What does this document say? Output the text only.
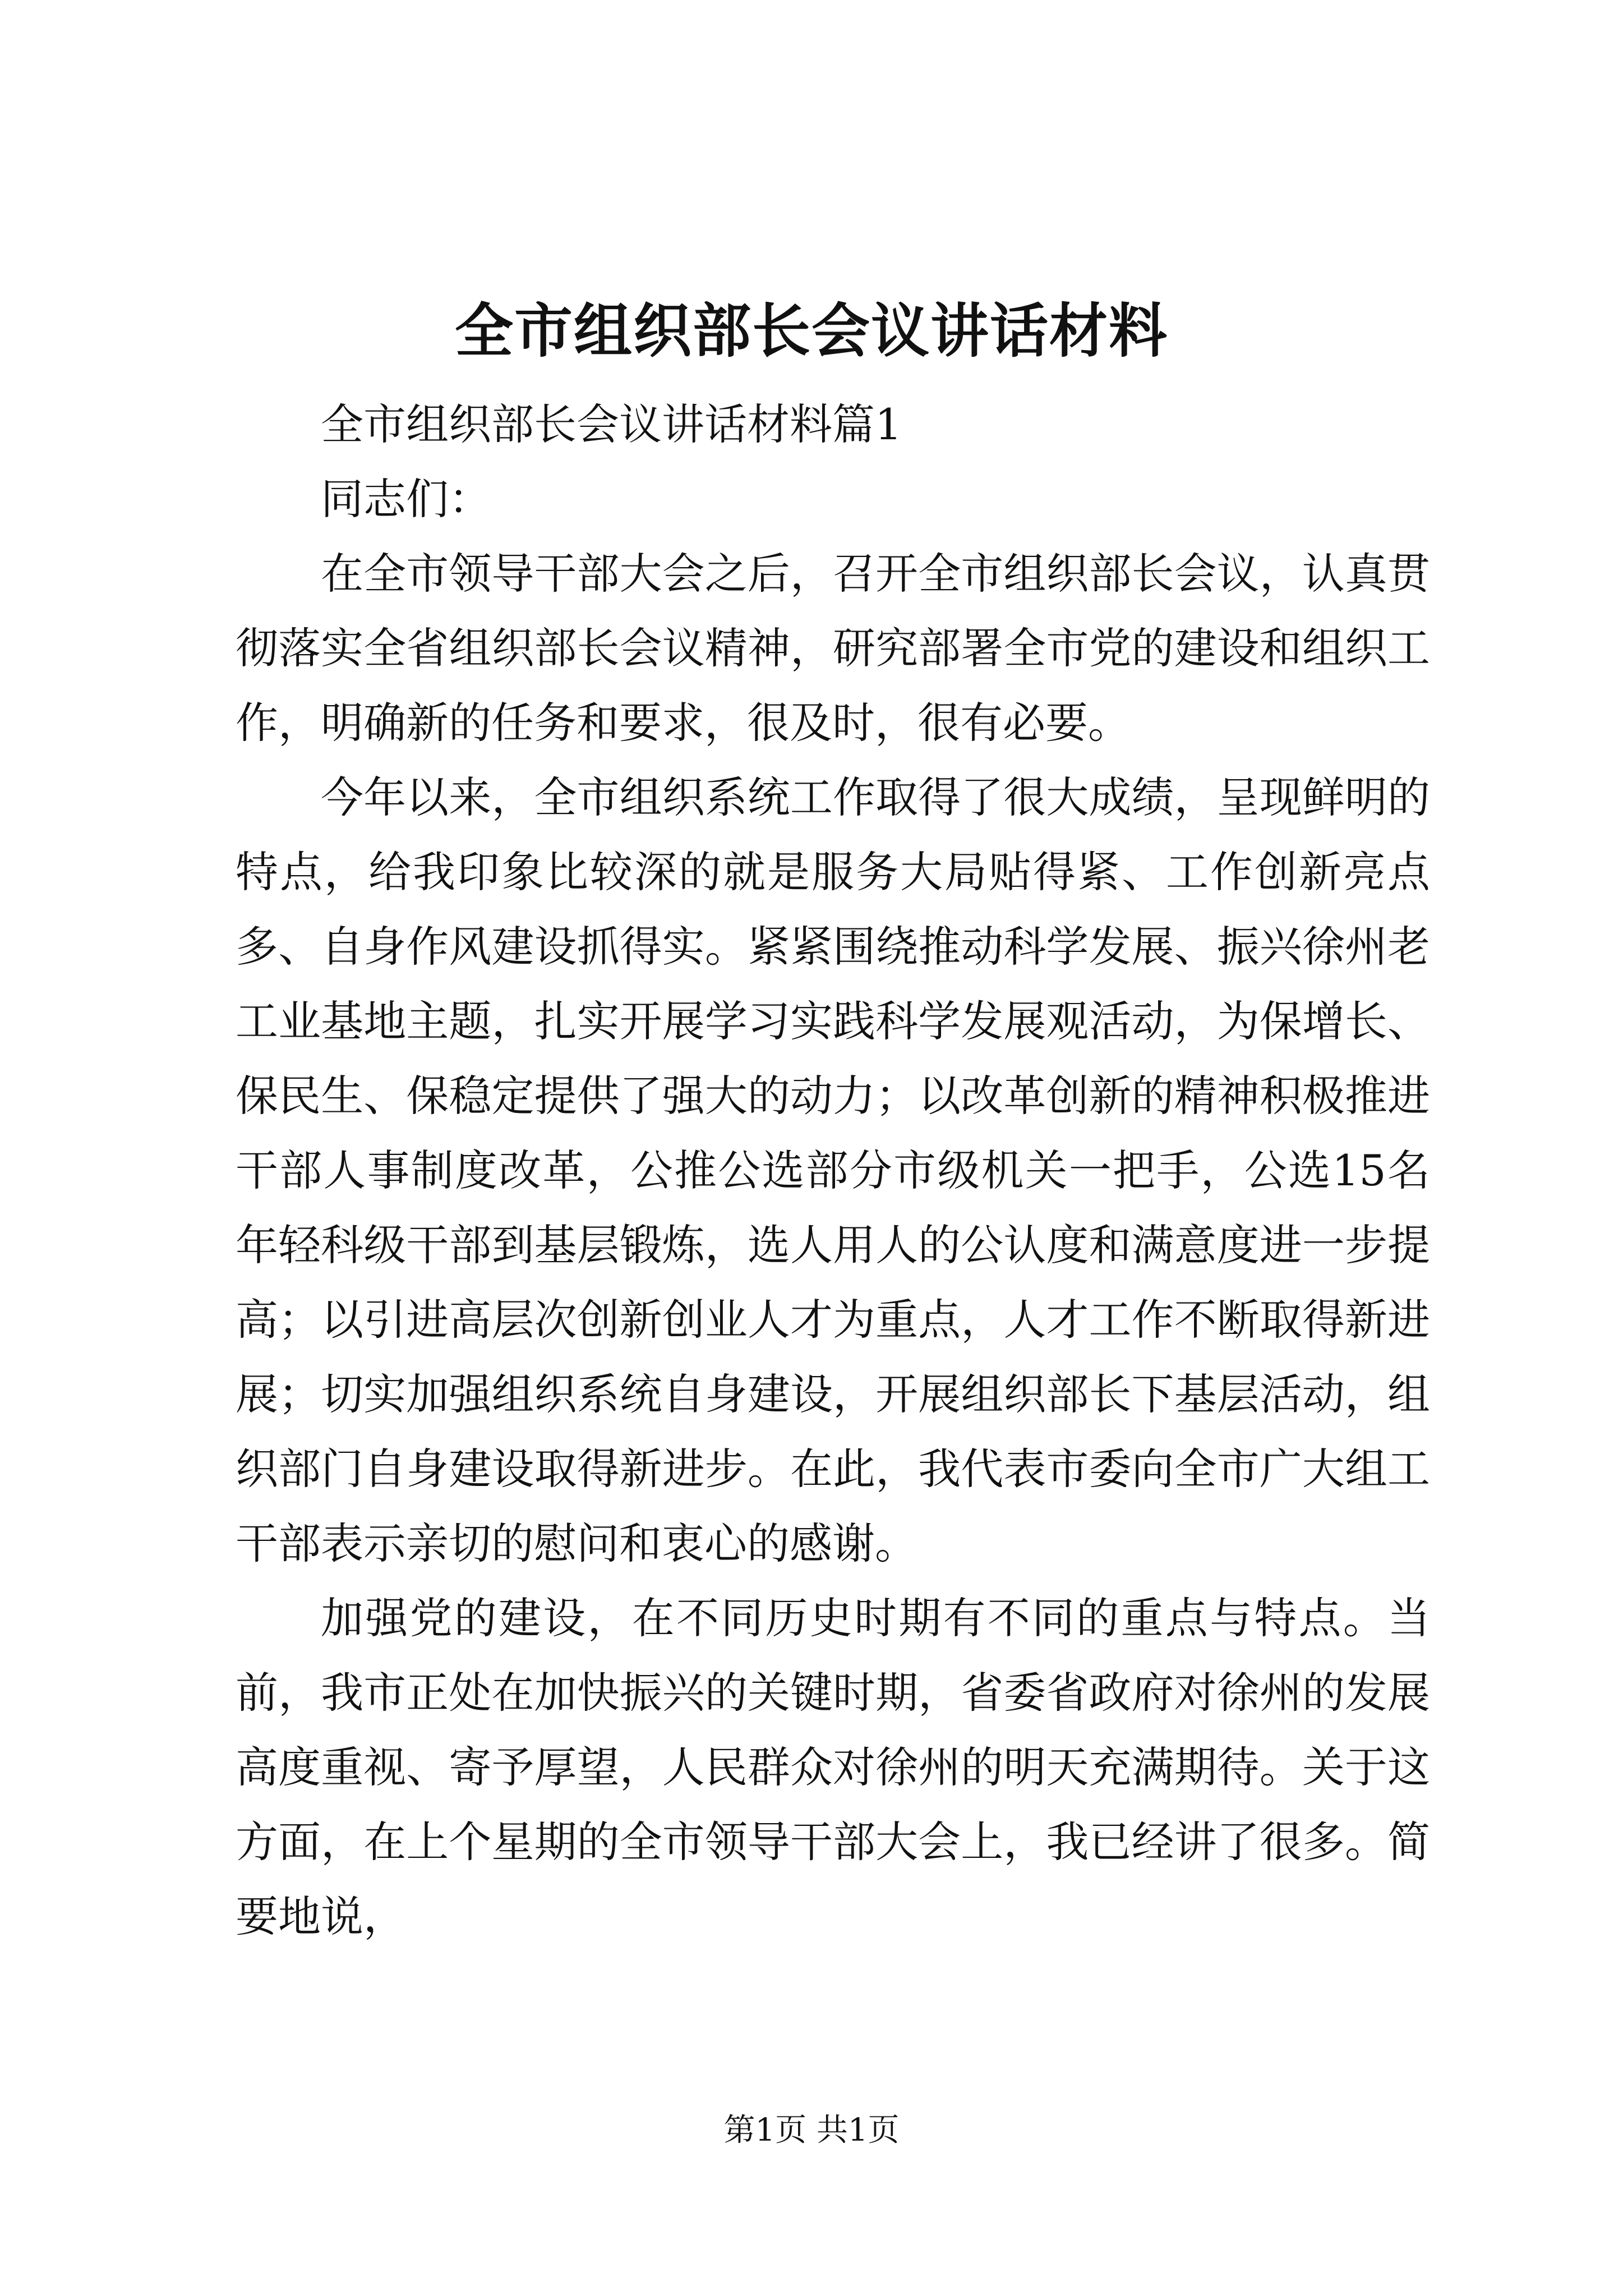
全市组织部长会议讲话材料

全市组织部长会议讲话材料篇1

同志们：

在全市领导干部大会之后，召开全市组织部长会议，认真贯彻落实全省组织部长会议精神，研究部署全市党的建设和组织工作，明确新的任务和要求，很及时，很有必要。

今年以来，全市组织系统工作取得了很大成绩，呈现鲜明的特点，给我印象比较深的就是服务大局贴得紧、工作创新亮点多、自身作风建设抓得实。紧紧围绕推动科学发展、振兴徐州老工业基地主题，扎实开展学习实践科学发展观活动，为保增长、保民生、保稳定提供了强大的动力；以改革创新的精神积极推进干部人事制度改革，公推公选部分市级机关一把手，公选15名年轻科级干部到基层锻炼，选人用人的公认度和满意度进一步提高；以引进高层次创新创业人才为重点，人才工作不断取得新进展；切实加强组织系统自身建设，开展组织部长下基层活动，组织部门自身建设取得新进步。在此，我代表市委向全市广大组工干部表示亲切的慰问和衷心的感谢。

加强党的建设，在不同历史时期有不同的重点与特点。当前，我市正处在加快振兴的关键时期，省委省政府对徐州的发展高度重视、寄予厚望，人民群众对徐州的明天充满期待。关于这方面，在上个星期的全市领导干部大会上，我已经讲了很多。简要地说，

第1页 共1页
